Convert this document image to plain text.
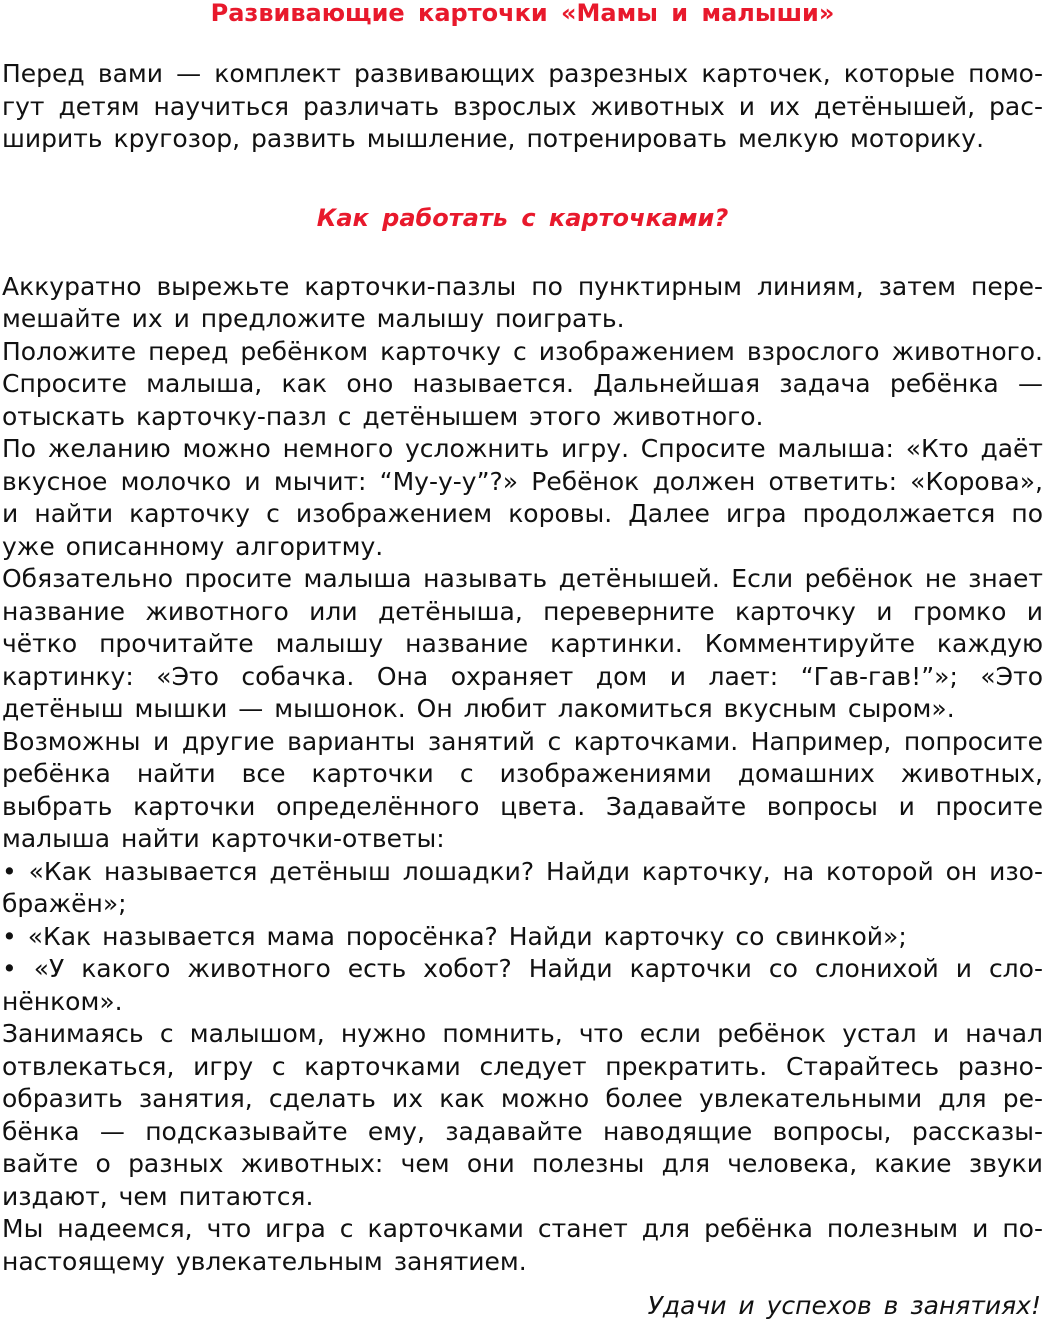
Развивающие карточки «Мамы и малыши»

Перед вами — комплект развивающих разрезных карточек, которые помогут детям научиться различать взрослых животных и их детёнышей, расширить кругозор, развить мышление, потренировать мелкую моторику.

Как работать с карточками?

Аккуратно вырежьте карточки-пазлы по пунктирным линиям, затем перемешайте их и предложите малышу поиграть.

Положите перед ребёнком карточку с изображением взрослого животного. Спросите малыша, как оно называется. Дальнейшая задача ребёнка — отыскать карточку-пазл с детёнышем этого животного.

По желанию можно немного усложнить игру. Спросите малыша: «Кто даёт вкусное молочко и мычит: “Му-у-у”?» Ребёнок должен ответить: «Корова», и найти карточку с изображением коровы. Далее игра продолжается по уже описанному алгоритму.

Обязательно просите малыша называть детёнышей. Если ребёнок не знает название животного или детёныша, переверните карточку и громко и чётко прочитайте малышу название картинки. Комментируйте каждую картинку: «Это собачка. Она охраняет дом и лает: “Гав-гав!”»; «Это детёныш мышки — мышонок. Он любит лакомиться вкусным сыром».

Возможны и другие варианты занятий с карточками. Например, попросите ребёнка найти все карточки с изображениями домашних животных, выбрать карточки определённого цвета. Задавайте вопросы и просите малыша найти карточки-ответы:

• «Как называется детёныш лошадки? Найди карточку, на которой он изображён»;

• «Как называется мама поросёнка? Найди карточку со свинкой»;

• «У какого животного есть хобот? Найди карточки со слонихой и слонёнком».

Занимаясь с малышом, нужно помнить, что если ребёнок устал и начал отвлекаться, игру с карточками следует прекратить. Старайтесь разнообразить занятия, сделать их как можно более увлекательными для ребёнка — подсказывайте ему, задавайте наводящие вопросы, рассказывайте о разных животных: чем они полезны для человека, какие звуки издают, чем питаются.

Мы надеемся, что игра с карточками станет для ребёнка полезным и по-настоящему увлекательным занятием.

Удачи и успехов в занятиях!
